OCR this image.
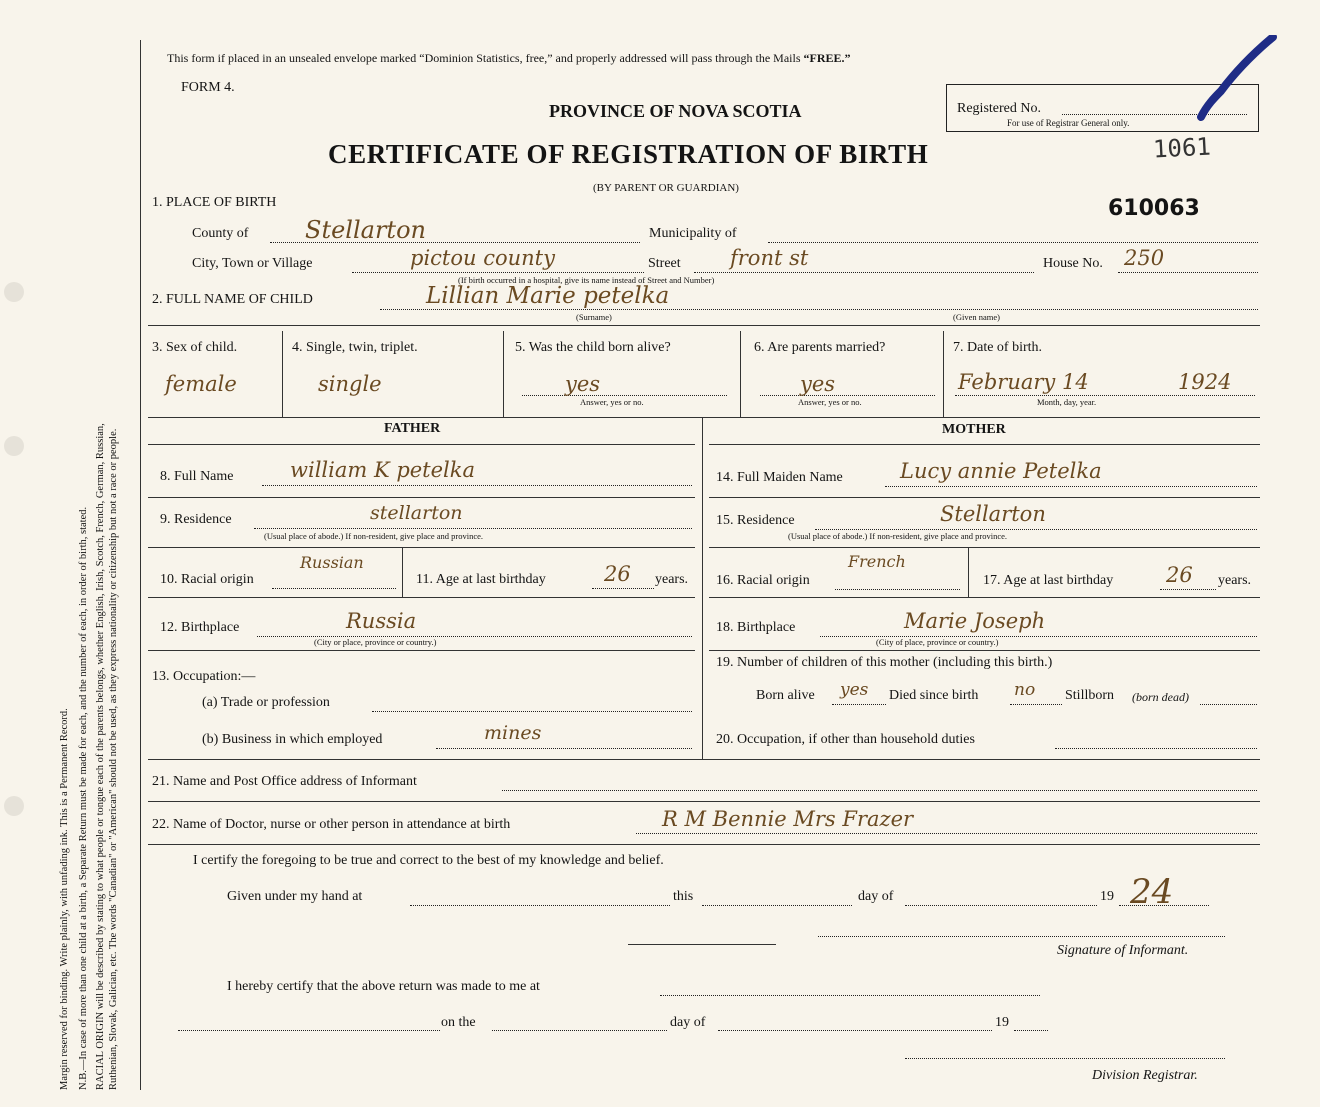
Margin reserved for binding. Write plainly, with unfading ink. This is a Permanent Record. N.B.—In case of more than one child at a birth, a Separate Return must be made for each, and the number of each, in order of birth, stated. RACIAL ORIGIN will be described by stating to what people or tongue each of the parents belongs, whether English, Irish, Scotch, French, German, Russian, Ruthenian, Slovak, Galician, etc. The words "Canadian" or "American" should not be used, as they express nationality or citizenship but not a race or people.
This form if placed in an unsealed envelope marked “Dominion Statistics, free,” and properly addressed will pass through the Mails “FREE.”
FORM 4.
PROVINCE OF NOVA SCOTIA
CERTIFICATE OF REGISTRATION OF BIRTH
(BY PARENT OR GUARDIAN)
Registered No.
For use of Registrar General only.
1061
610063
1. PLACE OF BIRTH
County of Stellarton	Municipality of
City, Town or Village	pictou county	Street front st	House No. 250
(If birth occurred in a hospital, give its name instead of Street and Number)
2. FULL NAME OF CHILD	Lillian Marie petelka
(Surname)	(Given name)
3. Sex of child.
female
4. Single, twin, triplet.
single
5. Was the child born alive?
yes
Answer, yes or no.
6. Are parents married?
yes
Answer, yes or no.
7. Date of birth.
February 14	1924
Month, day, year.
FATHER	MOTHER
8. Full Name	william K petelka
9. Residence	stellarton
(Usual place of abode.) If non-resident, give place and province.
10. Racial origin
Russian
11. Age at last birthday	26 years.
12. Birthplace	Russia
(City or place, province or country.)
13. Occupation:—
(a) Trade or profession
(b) Business in which employed	mines
14. Full Maiden Name	Lucy annie Petelka
15. Residence	Stellarton
(Usual place of abode.) If non-resident, give place and province.
16. Racial origin
French
17. Age at last birthday	26 years.
18. Birthplace	Marie Joseph
(City of place, province or country.)
19. Number of children of this mother (including this birth.)
Born alive yes Died since birth no Stillborn (born dead)
20. Occupation, if other than household duties
21. Name and Post Office address of Informant
22. Name of Doctor, nurse or other person in attendance at birth	R M Bennie Mrs Frazer
I certify the foregoing to be true and correct to the best of my knowledge and belief.
Given under my hand at	this	day of	19 24
Signature of Informant.
I hereby certify that the above return was made to me at
on the	day of	19
Division Registrar.
